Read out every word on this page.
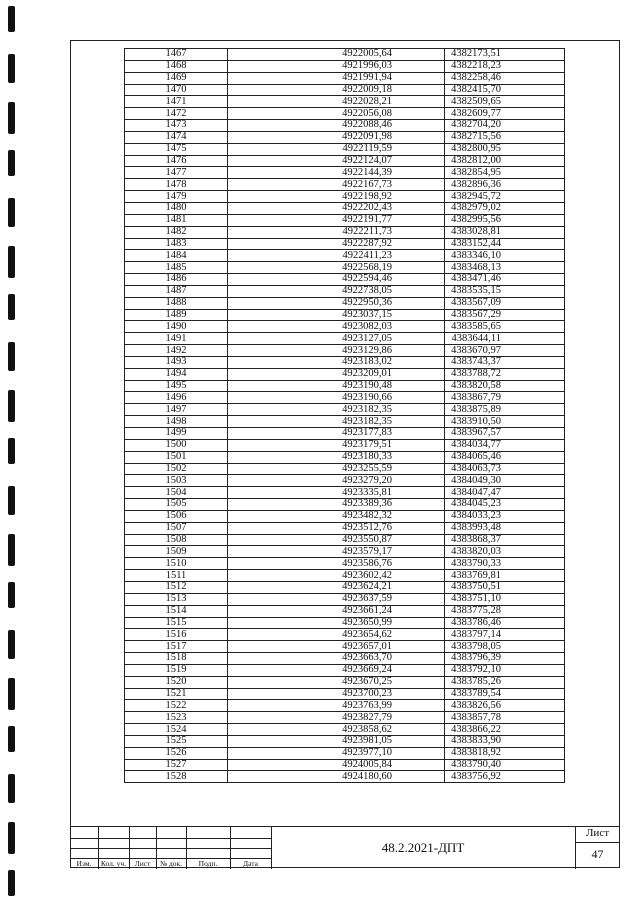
1467	4922005,64	4382173,51
1468	4921996,03	4382218,23
1469	4921991,94	4382258,46
1470	4922009,18	4382415,70
1471	4922028,21	4382509,65
1472	4922056,08	4382609,77
1473	4922088,46	4382704,20
1474	4922091,98	4382715,56
1475	4922119,59	4382800,95
1476	4922124,07	4382812,00
1477	4922144,39	4382854,95
1478	4922167,73	4382896,36
1479	4922198,92	4382945,72
1480	4922202,43	4382979,02
1481	4922191,77	4382995,56
1482	4922211,73	4383028,81
1483	4922287,92	4383152,44
1484	4922411,23	4383346,10
1485	4922568,19	4383468,13
1486	4922594,46	4383471,46
1487	4922738,05	4383535,15
1488	4922950,36	4383567,09
1489	4923037,15	4383567,29
1490	4923082,03	4383585,65
1491	4923127,05	4383644,11
1492	4923129,86	4383670,97
1493	4923183,02	4383743,37
1494	4923209,01	4383788,72
1495	4923190,48	4383820,58
1496	4923190,66	4383867,79
1497	4923182,35	4383875,89
1498	4923182,35	4383910,50
1499	4923177,83	4383967,57
1500	4923179,51	4384034,77
1501	4923180,33	4384065,46
1502	4923255,59	4384063,73
1503	4923279,20	4384049,30
1504	4923335,81	4384047,47
1505	4923389,36	4384045,23
1506	4923482,32	4384033,23
1507	4923512,76	4383993,48
1508	4923550,87	4383868,37
1509	4923579,17	4383820,03
1510	4923586,76	4383790,33
1511	4923602,42	4383769,81
1512	4923624,21	4383750,51
1513	4923637,59	4383751,10
1514	4923661,24	4383775,28
1515	4923650,99	4383786,46
1516	4923654,62	4383797,14
1517	4923657,01	4383798,05
1518	4923663,70	4383796,39
1519	4923669,24	4383792,10
1520	4923670,25	4383785,26
1521	4923700,23	4383789,54
1522	4923763,99	4383826,56
1523	4923827,79	4383857,78
1524	4923858,62	4383866,22
1525	4923981,05	4383833,90
1526	4923977,10	4383818,92
1527	4924005,84	4383790,40
1528	4924180,60	4383756,92
Изм.	Кол. уч.	Лист	№ док.	Подп.	Дата
48.2.2021-ДПТ
Лист
47
